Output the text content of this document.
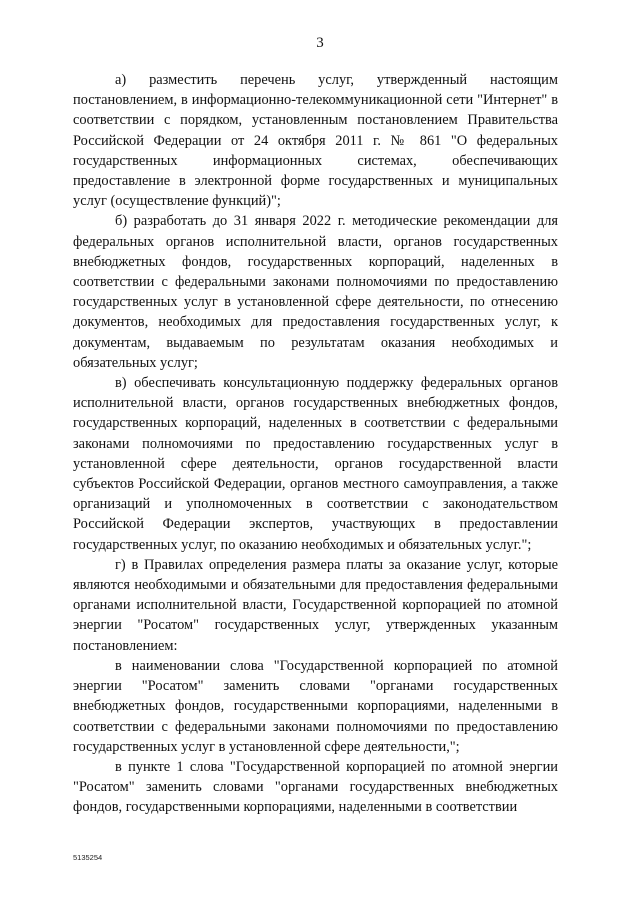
3

а) разместить перечень услуг, утвержденный настоящим постановлением, в информационно-телекоммуникационной сети "Интернет" в соответствии с порядком, установленным постановлением Правительства Российской Федерации от 24 октября 2011 г. № 861 "О федеральных государственных информационных системах, обеспечивающих предоставление в электронной форме государственных и муниципальных услуг (осуществление функций)";

б) разработать до 31 января 2022 г. методические рекомендации для федеральных органов исполнительной власти, органов государственных внебюджетных фондов, государственных корпораций, наделенных в соответствии с федеральными законами полномочиями по предоставлению государственных услуг в установленной сфере деятельности, по отнесению документов, необходимых для предоставления государственных услуг, к документам, выдаваемым по результатам оказания необходимых и обязательных услуг;

в) обеспечивать консультационную поддержку федеральных органов исполнительной власти, органов государственных внебюджетных фондов, государственных корпораций, наделенных в соответствии с федеральными законами полномочиями по предоставлению государственных услуг в установленной сфере деятельности, органов государственной власти субъектов Российской Федерации, органов местного самоуправления, а также организаций и уполномоченных в соответствии с законодательством Российской Федерации экспертов, участвующих в предоставлении государственных услуг, по оказанию необходимых и обязательных услуг.";

г) в Правилах определения размера платы за оказание услуг, которые являются необходимыми и обязательными для предоставления федеральными органами исполнительной власти, Государственной корпорацией по атомной энергии "Росатом" государственных услуг, утвержденных указанным постановлением:

в наименовании слова "Государственной корпорацией по атомной энергии "Росатом" заменить словами "органами государственных внебюджетных фондов, государственными корпорациями, наделенными в соответствии с федеральными законами полномочиями по предоставлению государственных услуг в установленной сфере деятельности,";

в пункте 1 слова "Государственной корпорацией по атомной энергии "Росатом" заменить словами "органами государственных внебюджетных фондов, государственными корпорациями, наделенными в соответствии

5135254
